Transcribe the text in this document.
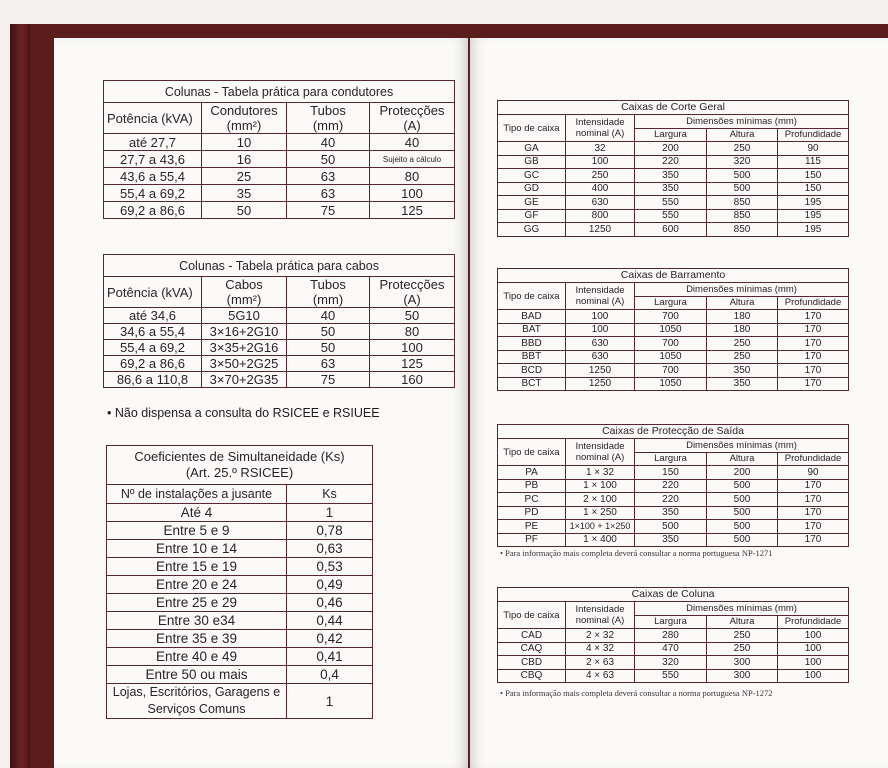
Colunas - Tabela prática para condutores			
Potência (kVA)	Condutores	Tubos	Protecções
	(mm²)	(mm)	(A)
até 27,7	10	40	40
27,7 a 43,6	16	50	Sujeito a cálculo
43,6 a 55,4	25	63	80
55,4 a 69,2	35	63	100
69,2 a 86,6	50	75	125
Colunas - Tabela prática para cabos			
Potência (kVA)	Cabos	Tubos	Protecções
	(mm²)	(mm)	(A)
até 34,6	5G10	40	50
34,6 a 55,4	3×16+2G10	50	80
55,4 a 69,2	3×35+2G16	50	100
69,2 a 86,6	3×50+2G25	63	125
86,6 a 110,8	3×70+2G35	75	160
• Não dispensa a consulta do RSICEE e RSIUEE
Coeficientes de Simultaneidade (Ks)
(Art. 25.º RSICEE)	

Nº de instalações a jusante	Ks
Até 4	1
Entre 5 e 9	0,78
Entre 10 e 14	0,63
Entre 15 e 19	0,53
Entre 20 e 24	0,49
Entre 25 e 29	0,46
Entre 30 e34	0,44
Entre 35 e 39	0,42
Entre 40 e 49	0,41
Entre 50 ou mais	0,4

Lojas, Escritórios, Garagens e
Serviços Comuns	1
Caixas de Corte Geral				
Tipo de caixa	Intensidade
nominal (A)	Dimensões mínimas (mm)		
		Largura	Altura	Profundidade
GA	32	200	250	90
GB	100	220	320	115
GC	250	350	500	150
GD	400	350	500	150
GE	630	550	850	195
GF	800	550	850	195
GG	1250	600	850	195
Caixas de Barramento				
Tipo de caixa	Intensidade
nominal (A)	Dimensões mínimas (mm)		
		Largura	Altura	Profundidade
BAD	100	700	180	170
BAT	100	1050	180	170
BBD	630	700	250	170
BBT	630	1050	250	170
BCD	1250	700	350	170
BCT	1250	1050	350	170
Caixas de Protecção de Saída				
Tipo de caixa	Intensidade
nominal (A)	Dimensões mínimas (mm)		
		Largura	Altura	Profundidade
PA	1 × 32	150	200	90
PB	1 × 100	220	500	170
PC	2 × 100	220	500	170
PD	1 × 250	350	500	170
PE	1×100 + 1×250	500	500	170
PF	1 × 400	350	500	170
• Para informação mais completa deverá consultar a norma portuguesa NP-1271
Caixas de Coluna				
Tipo de caixa	Intensidade
nominal (A)	Dimensões mínimas (mm)		
		Largura	Altura	Profundidade
CAD	2 × 32	280	250	100
CAQ	4 × 32	470	250	100
CBD	2 × 63	320	300	100
CBQ	4 × 63	550	300	100
• Para informação mais completa deverá consultar a norma portuguesa NP-1272
